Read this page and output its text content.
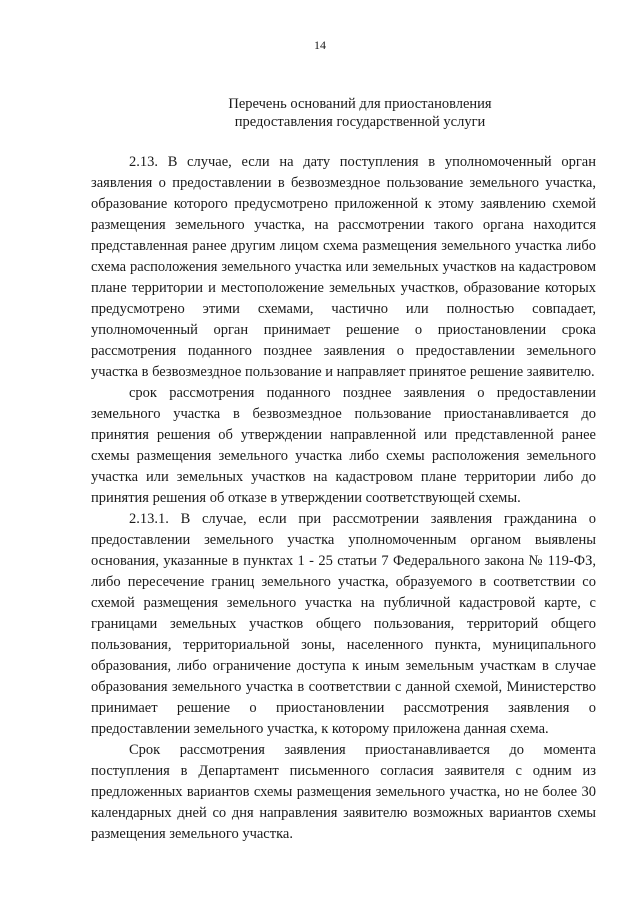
14
Перечень оснований для приостановления
предоставления государственной услуги

2.13. В случае, если на дату поступления в уполномоченный орган заявления о предоставлении в безвозмездное пользование земельного участка, образование которого предусмотрено приложенной к этому заявлению схемой размещения земельного участка, на рассмотрении такого органа находится представленная ранее другим лицом схема размещения земельного участка либо схема расположения земельного участка или земельных участков на кадастровом плане территории и местоположение земельных участков, образование которых предусмотрено этими схемами, частично или полностью совпадает, уполномоченный орган принимает решение о приостановлении срока рассмотрения поданного позднее заявления о предоставлении земельного участка в безвозмездное пользование и направляет принятое решение заявителю.

срок рассмотрения поданного позднее заявления о предоставлении земельного участка в безвозмездное пользование приостанавливается до принятия решения об утверждении направленной или представленной ранее схемы размещения земельного участка либо схемы расположения земельного участка или земельных участков на кадастровом плане территории либо до принятия решения об отказе в утверждении соответствующей схемы.

2.13.1. В случае, если при рассмотрении заявления гражданина о предоставлении земельного участка уполномоченным органом выявлены основания, указанные в пунктах 1 - 25 статьи 7 Федерального закона № 119-ФЗ, либо пересечение границ земельного участка, образуемого в соответствии со схемой размещения земельного участка на публичной кадастровой карте, с границами земельных участков общего пользования, территорий общего пользования, территориальной зоны, населенного пункта, муниципального образования, либо ограничение доступа к иным земельным участкам в случае образования земельного участка в соответствии с данной схемой, Министерство принимает решение о приостановлении рассмотрения заявления о предоставлении земельного участка, к которому приложена данная схема.

Срок рассмотрения заявления приостанавливается до момента поступления в Департамент письменного согласия заявителя с одним из предложенных вариантов схемы размещения земельного участка, но не более 30 календарных дней со дня направления заявителю возможных вариантов схемы размещения земельного участка.
